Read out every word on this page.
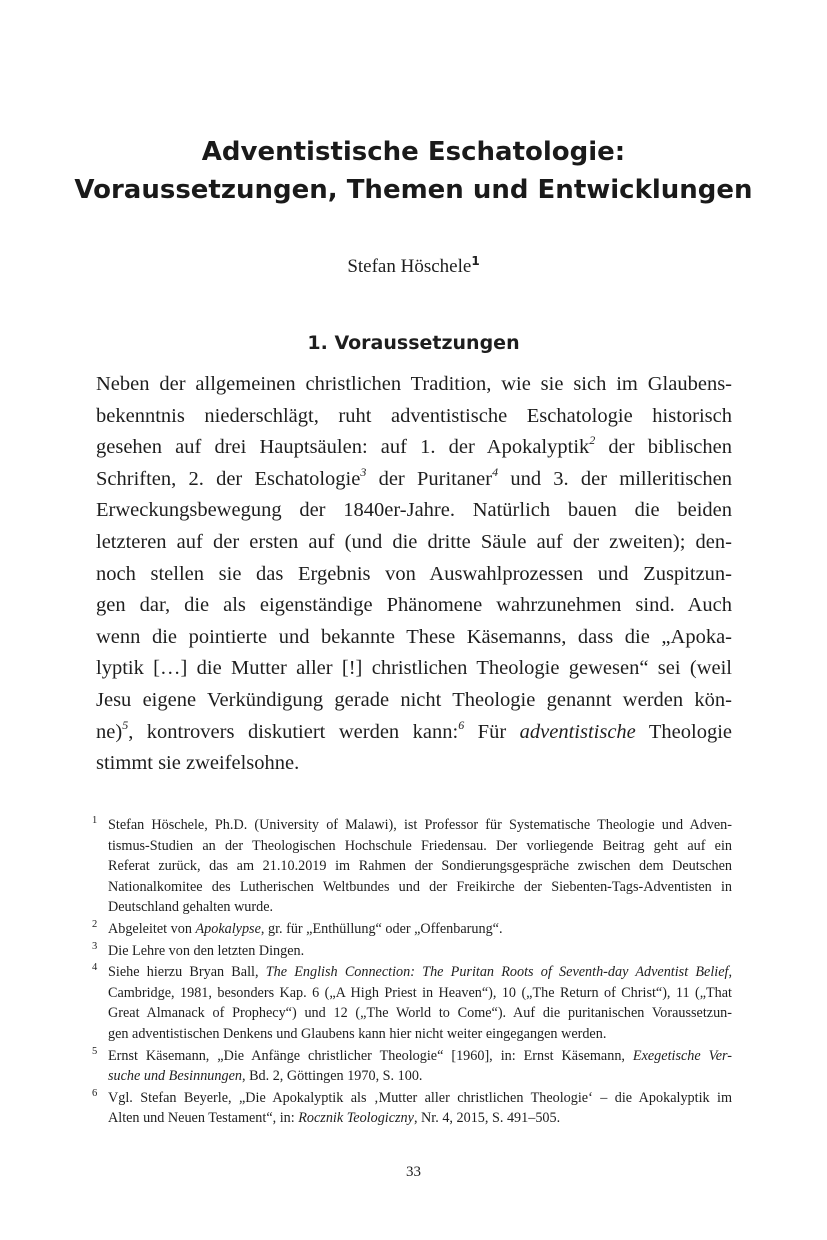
Adventistische Eschatologie:
Voraussetzungen, Themen und Entwicklungen

Stefan Höschele$^1$

1. Voraussetzungen

Neben der allgemeinen christlichen Tradition, wie sie sich im Glaubens-
bekenntnis niederschlägt, ruht adventistische Eschatologie historisch
gesehen auf drei Hauptsäulen: auf 1. der Apokalyptik$^2$ der biblischen
Schriften, 2. der Eschatologie$^3$ der Puritaner$^4$ und 3. der milleritischen
Erweckungsbewegung der 1840er-Jahre. Natürlich bauen die beiden
letzteren auf der ersten auf (und die dritte Säule auf der zweiten); den-
noch stellen sie das Ergebnis von Auswahlprozessen und Zuspitzun-
gen dar, die als eigenständige Phänomene wahrzunehmen sind. Auch
wenn die pointierte und bekannte These Käsemanns, dass die „Apoka-
lyptik […] die Mutter aller [!] christlichen Theologie gewesen“ sei (weil
Jesu eigene Verkündigung gerade nicht Theologie genannt werden kön-
ne)$^5$, kontrovers diskutiert werden kann:$^6$ Für adventistische Theologie
stimmt sie zweifelsohne.

1 Stefan Höschele, Ph.D. (University of Malawi), ist Professor für Systematische Theologie und Adven-
tismus-Studien an der Theologischen Hochschule Friedensau. Der vorliegende Beitrag geht auf ein
Referat zurück, das am 21.10.2019 im Rahmen der Sondierungsgespräche zwischen dem Deutschen
Nationalkomitee des Lutherischen Weltbundes und der Freikirche der Siebenten-Tags-Adventisten in
Deutschland gehalten wurde.
2 Abgeleitet von Apokalypse, gr. für „Enthüllung“ oder „Offenbarung“.
3 Die Lehre von den letzten Dingen.
4 Siehe hierzu Bryan Ball, The English Connection: The Puritan Roots of Seventh-day Adventist Belief,
Cambridge, 1981, besonders Kap. 6 („A High Priest in Heaven“), 10 („The Return of Christ“), 11 („That
Great Almanack of Prophecy“) und 12 („The World to Come“). Auf die puritanischen Voraussetzun-
gen adventistischen Denkens und Glaubens kann hier nicht weiter eingegangen werden.
5 Ernst Käsemann, „Die Anfänge christlicher Theologie“ [1960], in: Ernst Käsemann, Exegetische Ver-
suche und Besinnungen, Bd. 2, Göttingen 1970, S. 100.
6 Vgl. Stefan Beyerle, „Die Apokalyptik als ‚Mutter aller christlichen Theologie‘ – die Apokalyptik im
Alten und Neuen Testament“, in: Rocznik Teologiczny, Nr. 4, 2015, S. 491–505.
33
